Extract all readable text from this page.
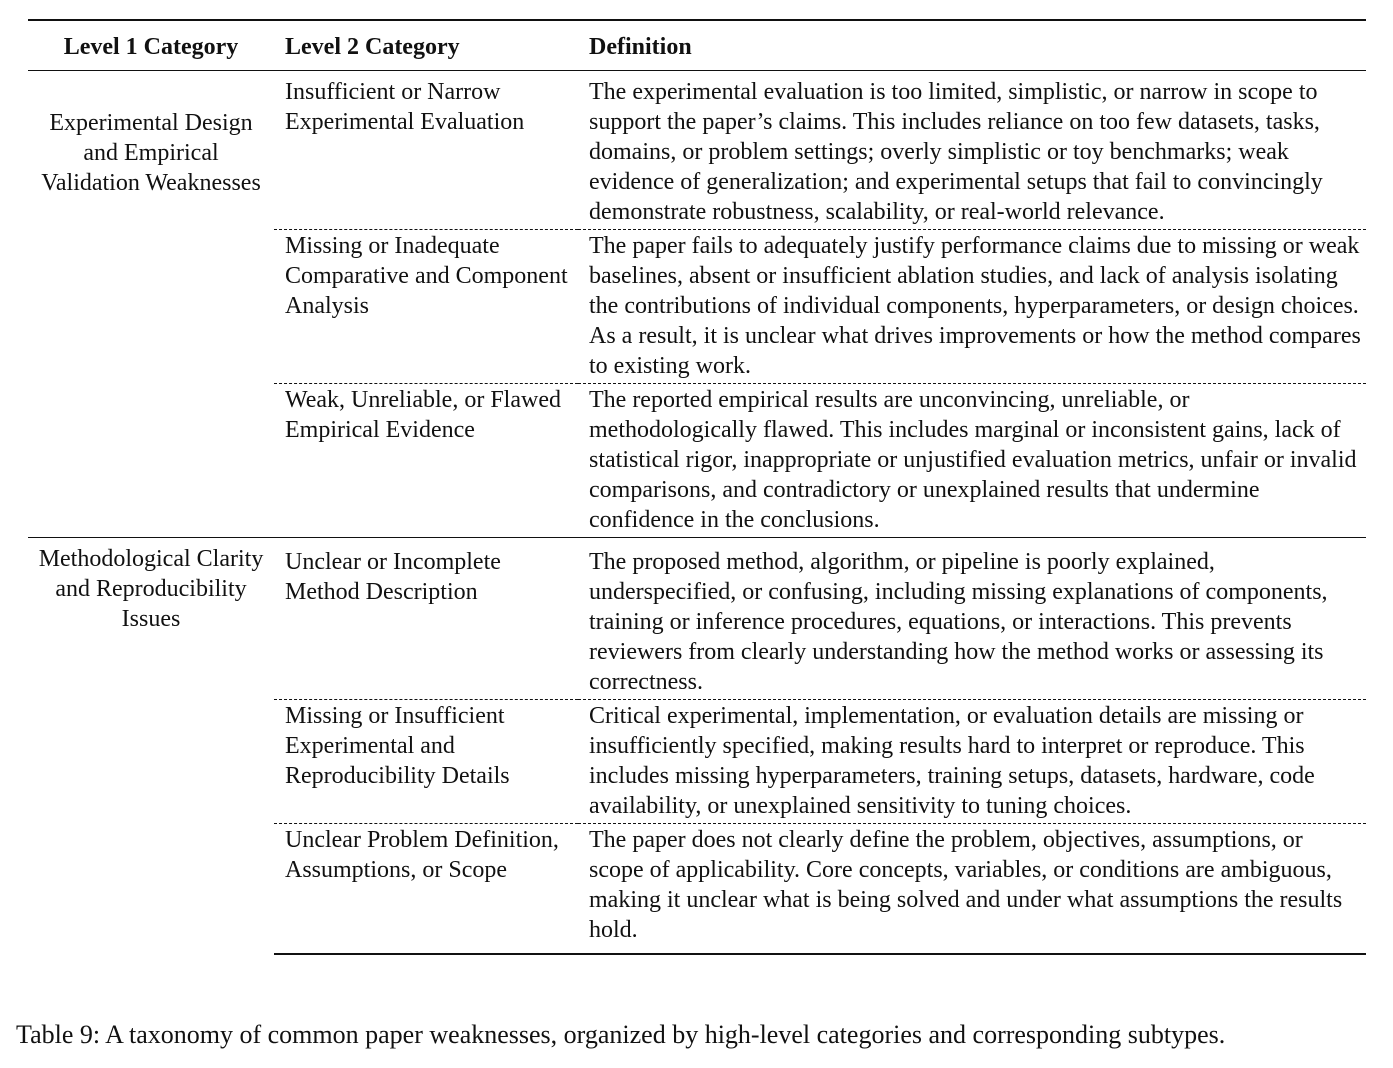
Level 1 Category	Level 2 Category	Definition

Experimental Design and Empirical Validation Weaknesses	Insufficient or Narrow Experimental Evaluation	The experimental evaluation is too limited, simplistic, or narrow in scope to support the paper’s claims. This includes reliance on too few datasets, tasks, domains, or problem settings; overly simplistic or toy benchmarks; weak evidence of generalization; and experimental setups that fail to convincingly demonstrate robustness, scalability, or real-world relevance.
	Missing or Inadequate Comparative and Component Analysis	The paper fails to adequately justify performance claims due to missing or weak baselines, absent or insufficient ablation studies, and lack of analysis isolating the contributions of individual components, hyperparameters, or design choices. As a result, it is unclear what drives improvements or how the method compares to existing work.
	Weak, Unreliable, or Flawed Empirical Evidence	The reported empirical results are unconvincing, unreliable, or methodologically flawed. This includes marginal or inconsistent gains, lack of statistical rigor, inappropriate or unjustified evaluation metrics, unfair or invalid comparisons, and contradictory or unexplained results that undermine confidence in the conclusions.

Methodological Clarity and Reproducibility Issues	Unclear or Incomplete Method Description	The proposed method, algorithm, or pipeline is poorly explained, underspecified, or confusing, including missing explanations of components, training or inference procedures, equations, or interactions. This prevents reviewers from clearly understanding how the method works or assessing its correctness.
	Missing or Insufficient Experimental and Reproducibility Details	Critical experimental, implementation, or evaluation details are missing or insufficiently specified, making results hard to interpret or reproduce. This includes missing hyperparameters, training setups, datasets, hardware, code availability, or unexplained sensitivity to tuning choices.
	Unclear Problem Definition, Assumptions, or Scope	The paper does not clearly define the problem, objectives, assumptions, or scope of applicability. Core concepts, variables, or conditions are ambiguous, making it unclear what is being solved and under what assumptions the results hold.
Table 9: A taxonomy of common paper weaknesses, organized by high-level categories and corresponding subtypes.
